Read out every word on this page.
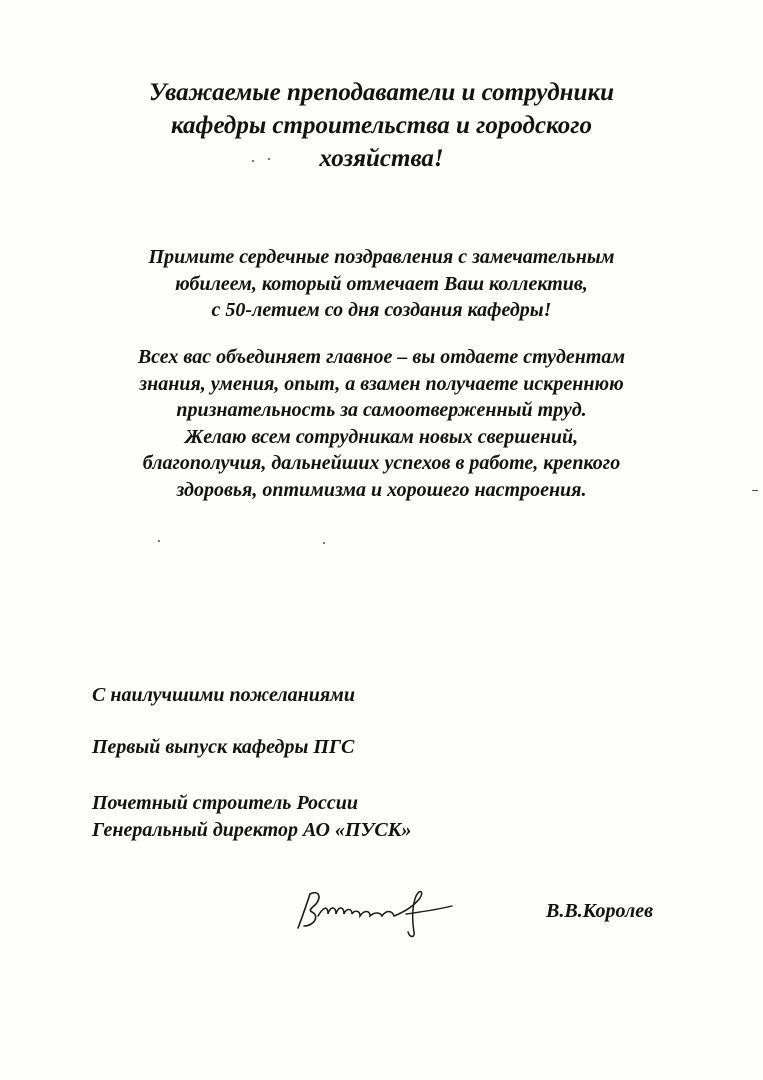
Уважаемые преподаватели и сотрудники
кафедры строительства и городского
хозяйства!
Примите сердечные поздравления с замечательным
юбилеем, который отмечает Ваш коллектив,
с 50-летием со дня создания кафедры!
Всех вас объединяет главное – вы отдаете студентам
знания, умения, опыт, а взамен получаете искреннюю
признательность за самоотверженный труд.
Желаю всем сотрудникам новых свершений,
благополучия, дальнейших успехов в работе, крепкого
здоровья, оптимизма и хорошего настроения.
С наилучшими пожеланиями
Первый выпуск кафедры ПГС
Почетный строитель России
Генеральный директор АО «ПУСК»
В.В.Королев
